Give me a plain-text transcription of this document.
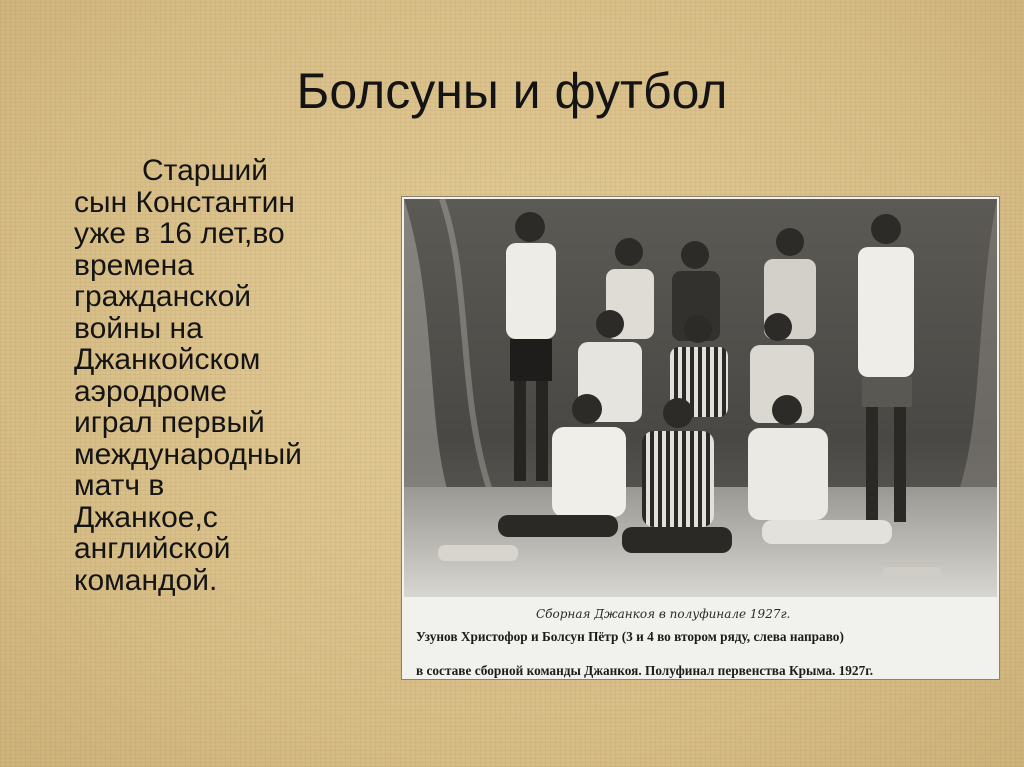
Болсуны и футбол

Старший
сын Константин
уже в 16 лет,во
времена
гражданской
войны на
Джанкойском
аэродроме
играл первый
международный
матч в
Джанкое,с
английской
командой.

Сборная Джанкоя в полуфинале 1927г.
Узунов Христофор и Болсун Пётр (3 и 4 во втором ряду, слева направо)
в составе сборной команды Джанкоя. Полуфинал первенства Крыма. 1927г.
